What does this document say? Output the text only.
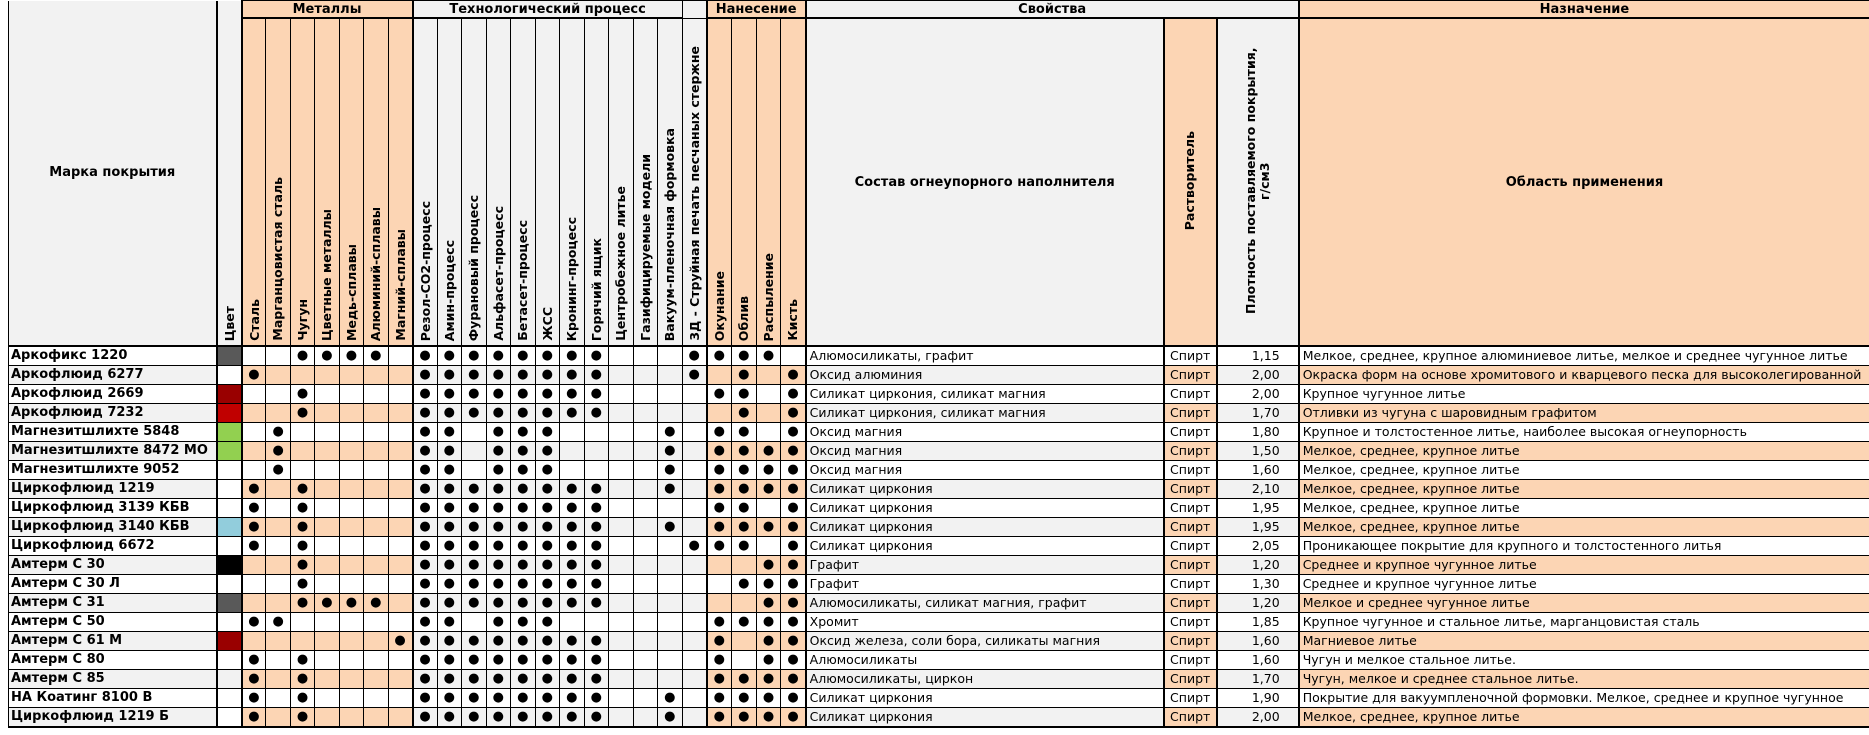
Марка покрытия	Цвет	Металлы							Технологический процесс												Нанесение				Свойства			Назначение
		Сталь	Марганцовистая сталь	Чугун	Цветные металлы	Медь-сплавы	Алюминий-сплавы	Магний-сплавы	Резол-СО2-процесс	Амин-процесс	Фурановый процесс	Альфасет-процесс	Бетасет-процесс	ЖСС	Кронинг-процесс	Горячий ящик	Центробежное литье	Газифицируемые модели	Вакуум-пленочная формовка	3Д - Струйная печать песчаных стержне	Окунание	Облив	Распыление	Кисть	Состав огнеупорного наполнителя	Растворитель	Плотность поставляемого покрытия, г/см3	Область применения
Аркофикс 1220				●	●	●	●		●	●	●	●	●	●	●	●				●	●	●	●		Алюмосиликаты, графит	Спирт	1,15	Мелкое, среднее, крупное алюминиевое литье, мелкое и среднее чугунное литье
Аркофлюид 6277		●							●	●	●	●	●	●	●	●				●		●		●	Оксид алюминия	Спирт	2,00	Окраска форм на основе хромитового и кварцевого песка для высоколегированной
Аркофлюид 2669				●					●	●	●	●	●	●	●	●					●	●		●	Силикат циркония, силикат магния	Спирт	2,00	Крупное чугунное литье
Аркофлюид 7232				●					●	●	●	●	●	●	●	●						●		●	Силикат циркония, силикат магния	Спирт	1,70	Отливки из чугуна с шаровидным графитом
Магнезитшлихте 5848			●						●	●		●	●	●					●		●	●		●	Оксид магния	Спирт	1,80	Крупное и толстостенное литье, наиболее высокая огнеупорность
Магнезитшлихте 8472 МО			●						●	●		●	●	●					●		●	●	●	●	Оксид магния	Спирт	1,50	Мелкое, среднее, крупное литье
Магнезитшлихте 9052			●						●	●		●	●	●					●		●	●	●	●	Оксид магния	Спирт	1,60	Мелкое, среднее, крупное литье
Циркофлюид 1219		●		●					●	●	●	●	●	●	●	●			●		●	●	●	●	Силикат циркония	Спирт	2,10	Мелкое, среднее, крупное литье
Циркофлюид 3139 КБВ		●		●					●	●	●	●	●	●	●	●					●	●		●	Силикат циркония	Спирт	1,95	Мелкое, среднее, крупное литье
Циркофлюид 3140 КБВ		●		●					●	●	●	●	●	●	●	●			●		●	●	●	●	Силикат циркония	Спирт	1,95	Мелкое, среднее, крупное литье
Циркофлюид 6672		●		●					●	●	●	●	●	●	●	●				●	●	●		●	Силикат циркония	Спирт	2,05	Проникающее покрытие для крупного и толстостенного литья
Амтерм С 30				●					●	●	●	●	●	●	●	●							●	●	Графит	Спирт	1,20	Среднее и крупное чугунное литье
Амтерм С 30 Л				●					●	●	●	●	●	●	●	●						●	●	●	Графит	Спирт	1,30	Среднее и крупное чугунное литье
Амтерм С 31				●	●	●	●		●	●	●	●	●	●	●	●							●	●	Алюмосиликаты, силикат магния, графит	Спирт	1,20	Мелкое и среднее чугунное литье
Амтерм С 50		●	●						●	●		●	●	●							●	●	●	●	Хромит	Спирт	1,85	Крупное чугунное и стальное литье, марганцовистая сталь
Амтерм С 61 М								●	●	●	●	●	●	●	●	●					●		●	●	Оксид железа, соли бора, силикаты магния	Спирт	1,60	Магниевое литье
Амтерм С 80		●		●					●	●	●	●	●	●	●	●					●		●	●	Алюмосиликаты	Спирт	1,60	Чугун и мелкое стальное литье.
Амтерм С 85		●		●					●	●	●	●	●	●	●	●					●	●	●	●	Алюмосиликаты, циркон	Спирт	1,70	Чугун, мелкое и среднее стальное литье.
НА Коатинг 8100 В		●		●					●	●	●	●	●	●	●	●			●		●	●	●	●	Силикат циркония	Спирт	1,90	Покрытие для вакуумпленочной формовки. Мелкое, среднее и крупное чугунное
Циркофлюид 1219 Б		●		●					●	●	●	●	●	●	●	●			●		●	●	●	●	Силикат циркония	Спирт	2,00	Мелкое, среднее, крупное литье
